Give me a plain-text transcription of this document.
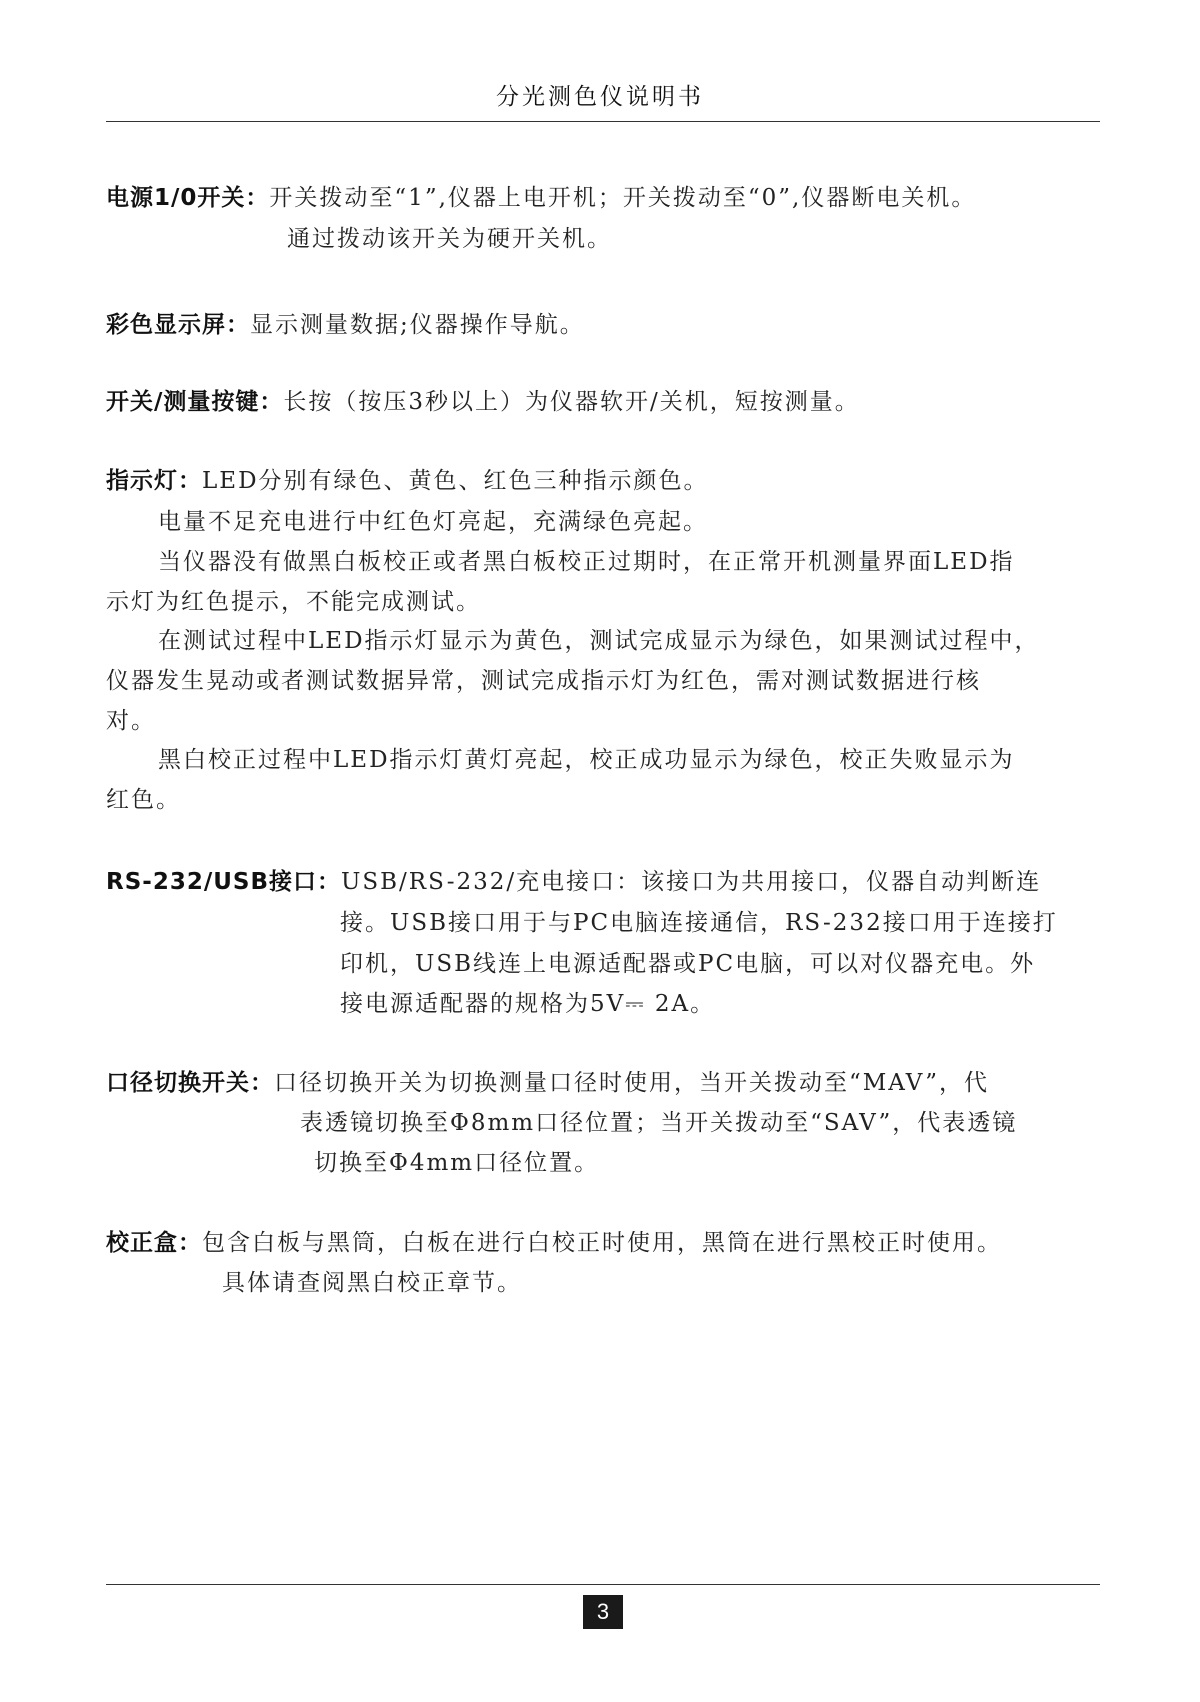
分光测色仪说明书
电源1/0开关：开关拨动至“1”,仪器上电开机；开关拨动至“0”,仪器断电关机。
通过拨动该开关为硬开关机。
彩色显示屏：显示测量数据;仪器操作导航。
开关/测量按键：长按（按压3秒以上）为仪器软开/关机，短按测量。
指示灯：LED分别有绿色、黄色、红色三种指示颜色。
电量不足充电进行中红色灯亮起，充满绿色亮起。
当仪器没有做黑白板校正或者黑白板校正过期时，在正常开机测量界面LED指
示灯为红色提示，不能完成测试。
在测试过程中LED指示灯显示为黄色，测试完成显示为绿色，如果测试过程中，
仪器发生晃动或者测试数据异常，测试完成指示灯为红色，需对测试数据进行核
对。
黑白校正过程中LED指示灯黄灯亮起，校正成功显示为绿色，校正失败显示为
红色。
RS-232/USB接口：USB/RS-232/充电接口：该接口为共用接口，仪器自动判断连
接。USB接口用于与PC电脑连接通信，RS-232接口用于连接打
印机，USB线连上电源适配器或PC电脑，可以对仪器充电。外
接电源适配器的规格为5V⎓ 2A。
口径切换开关：口径切换开关为切换测量口径时使用，当开关拨动至“MAV”，代
表透镜切换至Φ8mm口径位置；当开关拨动至“SAV”，代表透镜
切换至Φ4mm口径位置。
校正盒：包含白板与黑筒，白板在进行白校正时使用，黑筒在进行黑校正时使用。
具体请查阅黑白校正章节。
3
